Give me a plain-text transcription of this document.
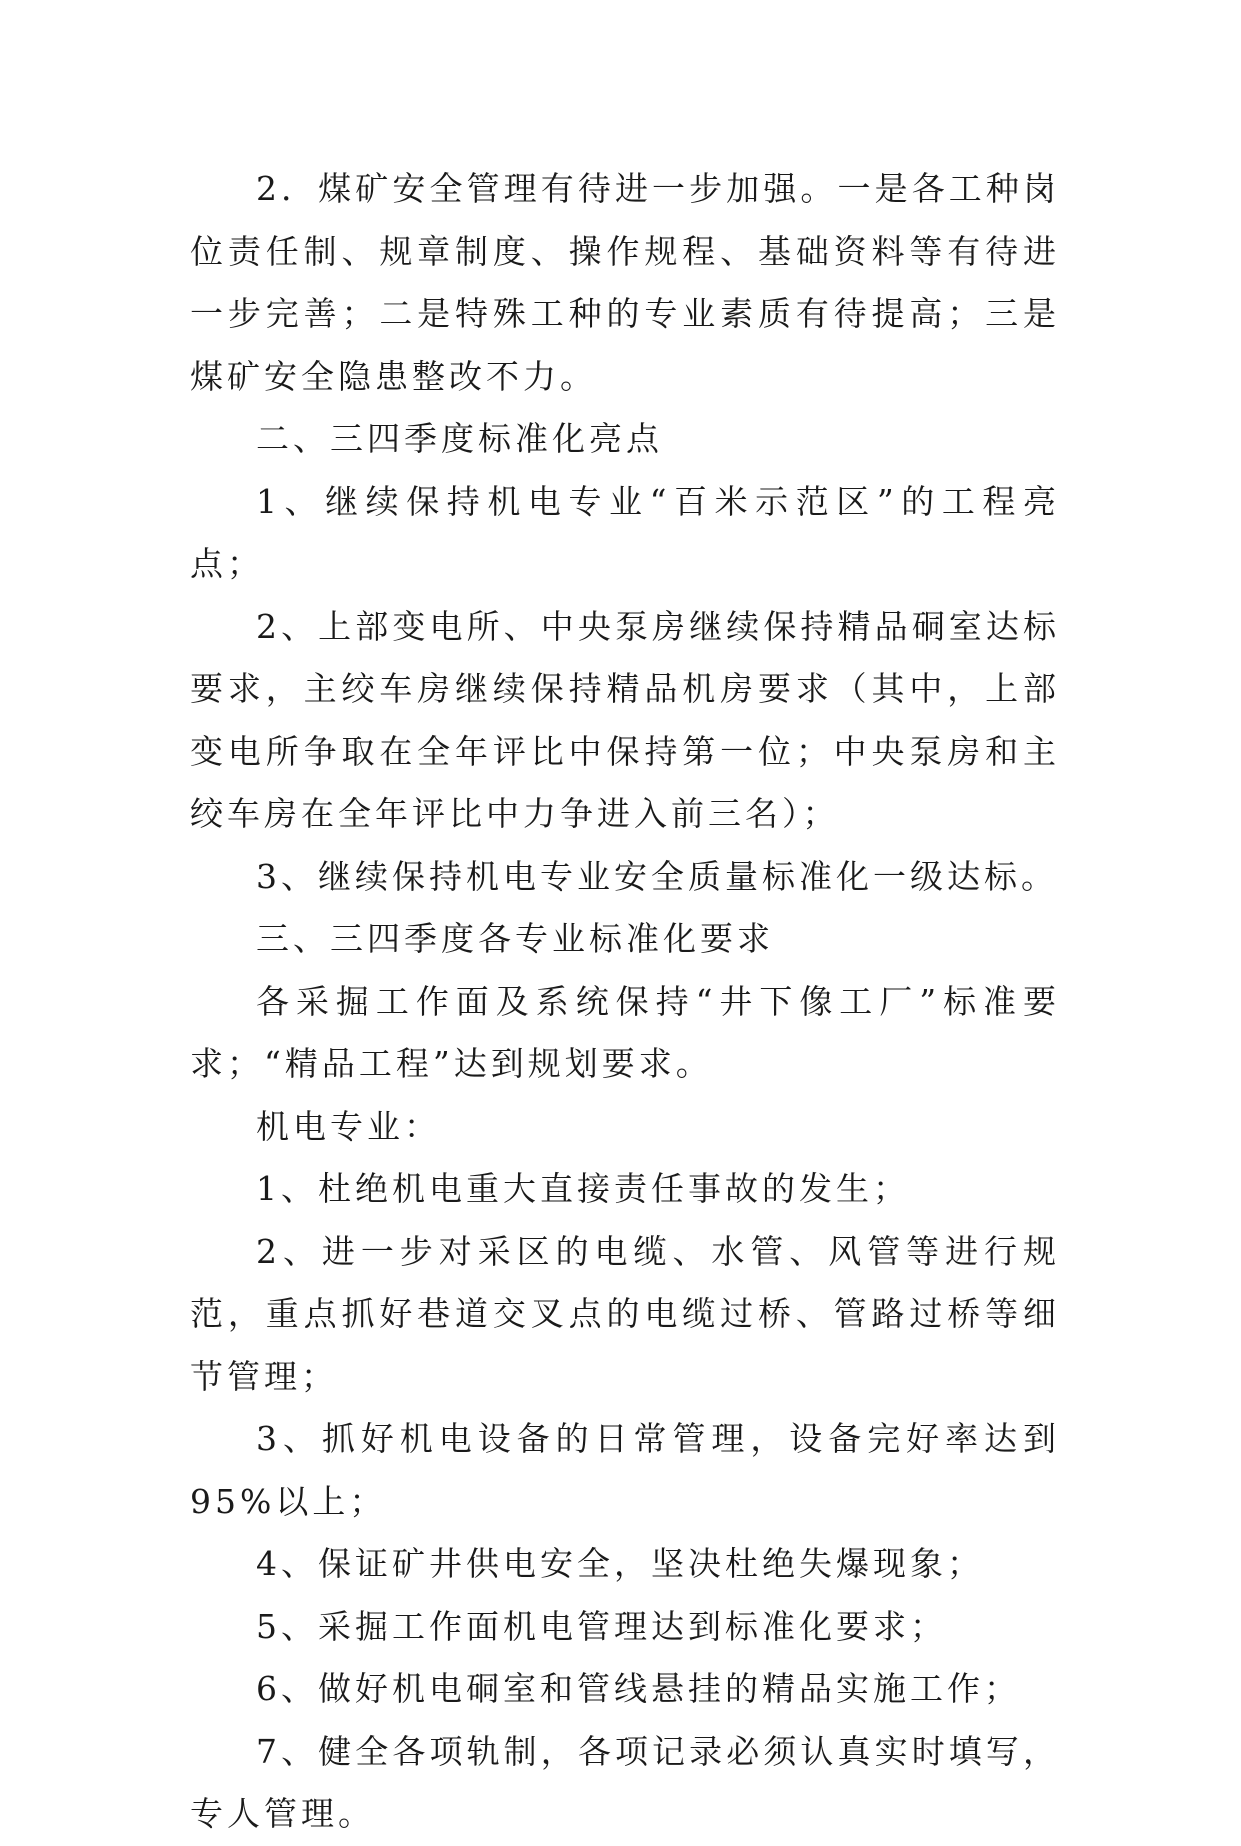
2．煤矿安全管理有待进一步加强。一是各工种岗位责任制、规章制度、操作规程、基础资料等有待进一步完善；二是特殊工种的专业素质有待提高；三是煤矿安全隐患整改不力。

二、三四季度标准化亮点

1、继续保持机电专业“百米示范区”的工程亮点；

2、上部变电所、中央泵房继续保持精品硐室达标要求，主绞车房继续保持精品机房要求（其中，上部变电所争取在全年评比中保持第一位；中央泵房和主绞车房在全年评比中力争进入前三名）；

3、继续保持机电专业安全质量标准化一级达标。

三、三四季度各专业标准化要求

各采掘工作面及系统保持“井下像工厂”标准要求；“精品工程”达到规划要求。

机电专业：

1、杜绝机电重大直接责任事故的发生；

2、进一步对采区的电缆、水管、风管等进行规范，重点抓好巷道交叉点的电缆过桥、管路过桥等细节管理；

3、抓好机电设备的日常管理，设备完好率达到95%以上；

4、保证矿井供电安全，坚决杜绝失爆现象；

5、采掘工作面机电管理达到标准化要求；

6、做好机电硐室和管线悬挂的精品实施工作；

7、健全各项轨制，各项记录必须认真实时填写，专人管理。
